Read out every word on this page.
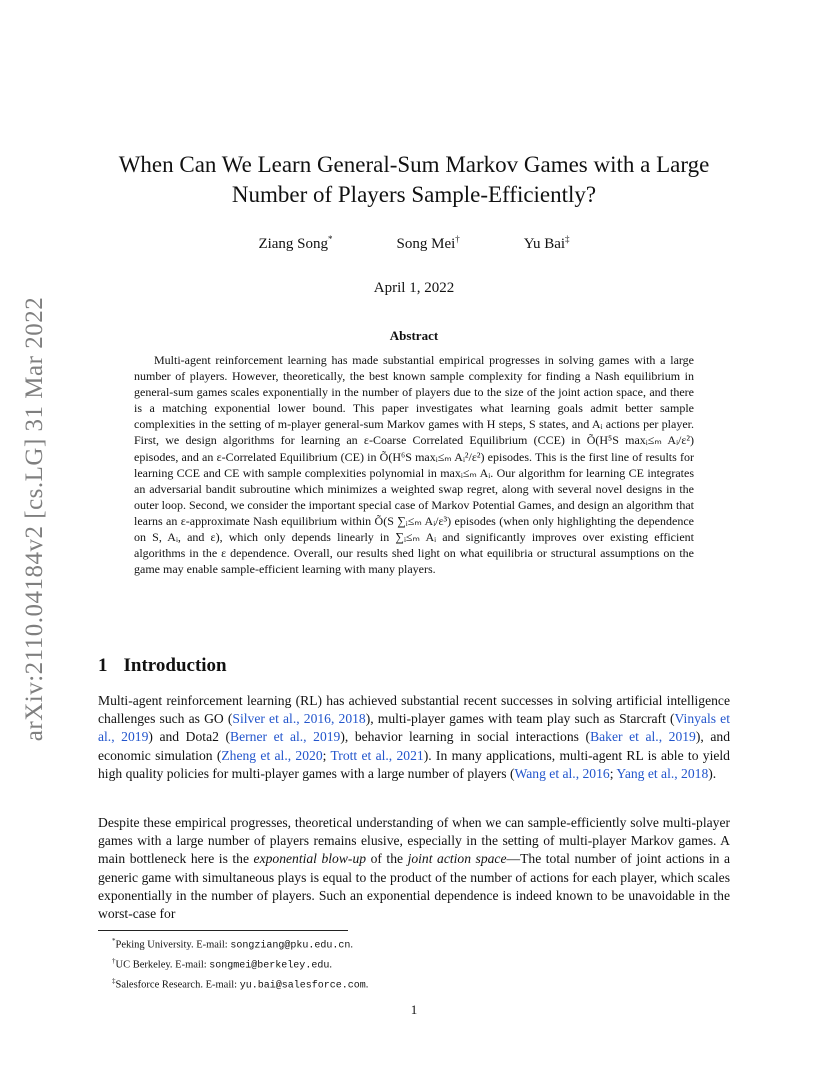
arXiv:2110.04184v2 [cs.LG] 31 Mar 2022
When Can We Learn General-Sum Markov Games with a Large Number of Players Sample-Efficiently?
Ziang Song*	Song Mei†	Yu Bai‡
April 1, 2022
Abstract
Multi-agent reinforcement learning has made substantial empirical progresses in solving games with a large number of players. However, theoretically, the best known sample complexity for finding a Nash equilibrium in general-sum games scales exponentially in the number of players due to the size of the joint action space, and there is a matching exponential lower bound. This paper investigates what learning goals admit better sample complexities in the setting of m-player general-sum Markov games with H steps, S states, and Aᵢ actions per player. First, we design algorithms for learning an ε-Coarse Correlated Equilibrium (CCE) in Õ(H⁵S maxᵢ≤ₘ Aᵢ/ε²) episodes, and an ε-Correlated Equilibrium (CE) in Õ(H⁶S maxᵢ≤ₘ Aᵢ²/ε²) episodes. This is the first line of results for learning CCE and CE with sample complexities polynomial in maxᵢ≤ₘ Aᵢ. Our algorithm for learning CE integrates an adversarial bandit subroutine which minimizes a weighted swap regret, along with several novel designs in the outer loop. Second, we consider the important special case of Markov Potential Games, and design an algorithm that learns an ε-approximate Nash equilibrium within Õ(S ∑ᵢ≤ₘ Aᵢ/ε³) episodes (when only highlighting the dependence on S, Aᵢ, and ε), which only depends linearly in ∑ᵢ≤ₘ Aᵢ and significantly improves over existing efficient algorithms in the ε dependence. Overall, our results shed light on what equilibria or structural assumptions on the game may enable sample-efficient learning with many players.
1 Introduction
Multi-agent reinforcement learning (RL) has achieved substantial recent successes in solving artificial intelligence challenges such as GO (Silver et al., 2016, 2018), multi-player games with team play such as Starcraft (Vinyals et al., 2019) and Dota2 (Berner et al., 2019), behavior learning in social interactions (Baker et al., 2019), and economic simulation (Zheng et al., 2020; Trott et al., 2021). In many applications, multi-agent RL is able to yield high quality policies for multi-player games with a large number of players (Wang et al., 2016; Yang et al., 2018).
Despite these empirical progresses, theoretical understanding of when we can sample-efficiently solve multi-player games with a large number of players remains elusive, especially in the setting of multi-player Markov games. A main bottleneck here is the exponential blow-up of the joint action space—The total number of joint actions in a generic game with simultaneous plays is equal to the product of the number of actions for each player, which scales exponentially in the number of players. Such an exponential dependence is indeed known to be unavoidable in the worst-case for
*Peking University. E-mail: songziang@pku.edu.cn.
†UC Berkeley. E-mail: songmei@berkeley.edu.
‡Salesforce Research. E-mail: yu.bai@salesforce.com.
1
